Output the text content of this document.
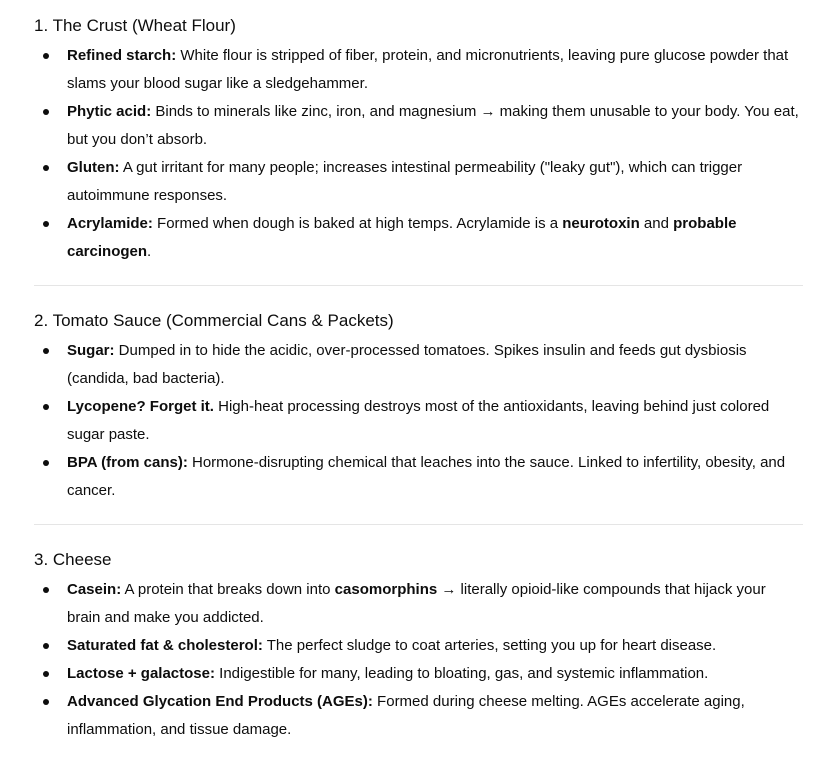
1. The Crust (Wheat Flour)
Refined starch: White flour is stripped of fiber, protein, and micronutrients, leaving pure glucose powder that slams your blood sugar like a sledgehammer.
Phytic acid: Binds to minerals like zinc, iron, and magnesium → making them unusable to your body. You eat, but you don’t absorb.
Gluten: A gut irritant for many people; increases intestinal permeability ("leaky gut"), which can trigger autoimmune responses.
Acrylamide: Formed when dough is baked at high temps. Acrylamide is a neurotoxin and probable carcinogen.
2. Tomato Sauce (Commercial Cans & Packets)
Sugar: Dumped in to hide the acidic, over-processed tomatoes. Spikes insulin and feeds gut dysbiosis (candida, bad bacteria).
Lycopene? Forget it. High-heat processing destroys most of the antioxidants, leaving behind just colored sugar paste.
BPA (from cans): Hormone-disrupting chemical that leaches into the sauce. Linked to infertility, obesity, and cancer.
3. Cheese
Casein: A protein that breaks down into casomorphins → literally opioid-like compounds that hijack your brain and make you addicted.
Saturated fat & cholesterol: The perfect sludge to coat arteries, setting you up for heart disease.
Lactose + galactose: Indigestible for many, leading to bloating, gas, and systemic inflammation.
Advanced Glycation End Products (AGEs): Formed during cheese melting. AGEs accelerate aging, inflammation, and tissue damage.
